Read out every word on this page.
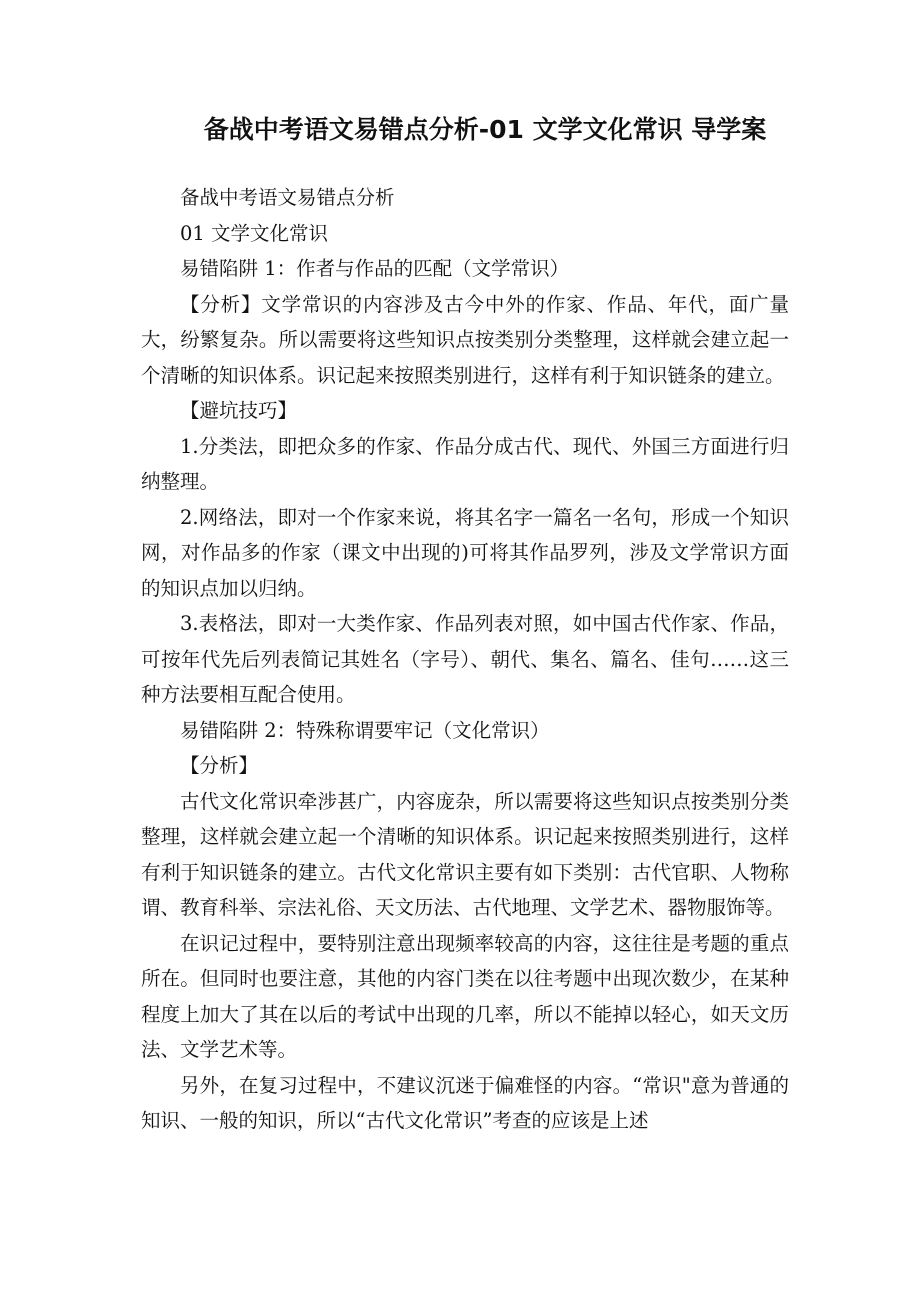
备战中考语文易错点分析-01 文学文化常识 导学案

备战中考语文易错点分析

01 文学文化常识

易错陷阱 1：作者与作品的匹配（文学常识）

【分析】文学常识的内容涉及古今中外的作家、作品、年代，面广量大，纷繁复杂。所以需要将这些知识点按类别分类整理，这样就会建立起一个清晰的知识体系。识记起来按照类别进行，这样有利于知识链条的建立。

【避坑技巧】

1.分类法，即把众多的作家、作品分成古代、现代、外国三方面进行归纳整理。

2.网络法，即对一个作家来说，将其名字一篇名一名句，形成一个知识网，对作品多的作家（课文中出现的)可将其作品罗列，涉及文学常识方面的知识点加以归纳。

3.表格法，即对一大类作家、作品列表对照，如中国古代作家、作品，可按年代先后列表简记其姓名（字号）、朝代、集名、篇名、佳句……这三种方法要相互配合使用。

易错陷阱 2：特殊称谓要牢记（文化常识）

【分析】

古代文化常识牵涉甚广，内容庞杂，所以需要将这些知识点按类别分类整理，这样就会建立起一个清晰的知识体系。识记起来按照类别进行，这样有利于知识链条的建立。古代文化常识主要有如下类别：古代官职、人物称谓、教育科举、宗法礼俗、天文历法、古代地理、文学艺术、器物服饰等。

在识记过程中，要特别注意出现频率较高的内容，这往往是考题的重点所在。但同时也要注意，其他的内容门类在以往考题中出现次数少，在某种程度上加大了其在以后的考试中出现的几率，所以不能掉以轻心，如天文历法、文学艺术等。

另外，在复习过程中，不建议沉迷于偏难怪的内容。“常识"意为普通的知识、一般的知识，所以“古代文化常识”考查的应该是上述
